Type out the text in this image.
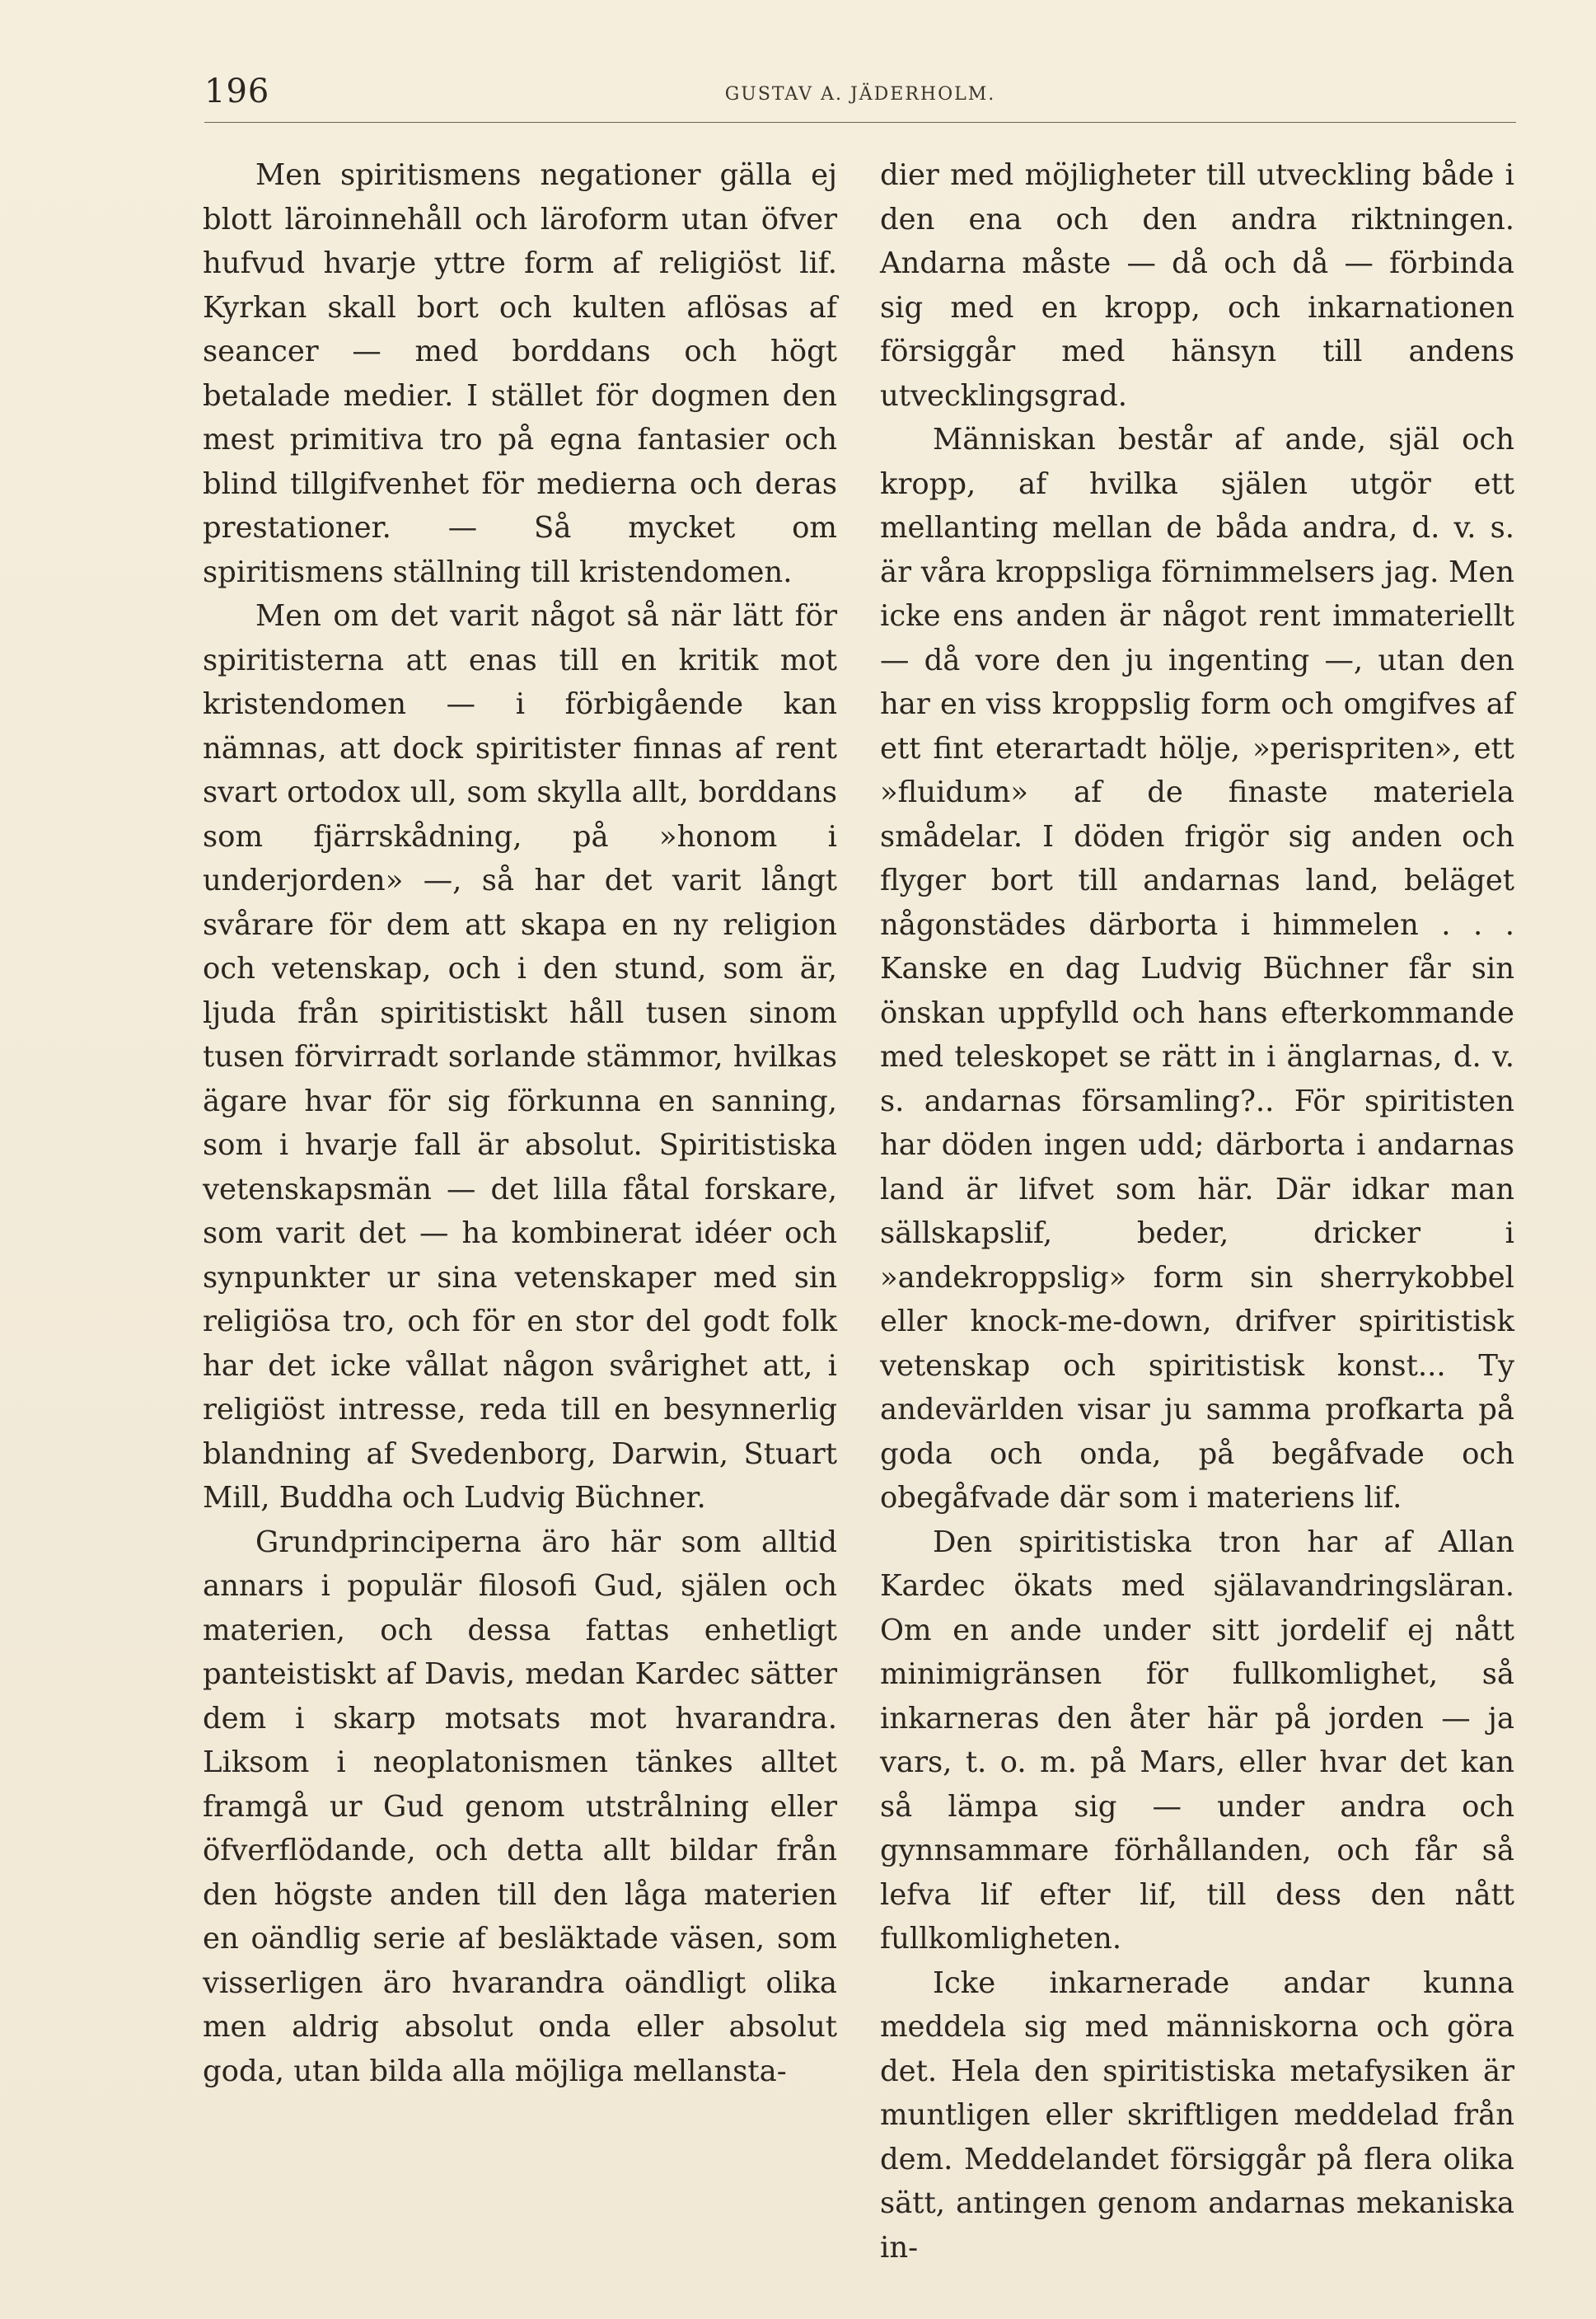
196	GUSTAV A. JÄDERHOLM.

Men spiritismens negationer gälla ej blott läroinnehåll och läroform utan öfver hufvud hvarje yttre form af religiöst lif. Kyrkan skall bort och kulten aflösas af seancer — med borddans och högt betalade medier. I stället för dogmen den mest primitiva tro på egna fantasier och blind tillgifvenhet för medierna och deras prestationer. — Så mycket om spiritismens ställning till kristendomen.

Men om det varit något så när lätt för spiritisterna att enas till en kritik mot kristendomen — i förbigående kan nämnas, att dock spiritister finnas af rent svart ortodox ull, som skylla allt, borddans som fjärrskådning, på »honom i underjorden» —, så har det varit långt svårare för dem att skapa en ny religion och vetenskap, och i den stund, som är, ljuda från spiritistiskt håll tusen sinom tusen förvirradt sorlande stämmor, hvilkas ägare hvar för sig förkunna en sanning, som i hvarje fall är absolut. Spiritistiska vetenskapsmän — det lilla fåtal forskare, som varit det — ha kombinerat idéer och synpunkter ur sina vetenskaper med sin religiösa tro, och för en stor del godt folk har det icke vållat någon svårighet att, i religiöst intresse, reda till en besynnerlig blandning af Svedenborg, Darwin, Stuart Mill, Buddha och Ludvig Büchner.

Grundprinciperna äro här som alltid annars i populär filosofi Gud, själen och materien, och dessa fattas enhetligt panteistiskt af Davis, medan Kardec sätter dem i skarp motsats mot hvarandra. Liksom i neoplatonismen tänkes alltet framgå ur Gud genom utstrålning eller öfverflödande, och detta allt bildar från den högste anden till den låga materien en oändlig serie af besläktade väsen, som visserligen äro hvarandra oändligt olika men aldrig absolut onda eller absolut goda, utan bilda alla möjliga mellansta-

dier med möjligheter till utveckling både i den ena och den andra riktningen. Andarna måste — då och då — förbinda sig med en kropp, och inkarnationen försiggår med hänsyn till andens utvecklingsgrad.

Människan består af ande, själ och kropp, af hvilka själen utgör ett mellanting mellan de båda andra, d. v. s. är våra kroppsliga förnimmelsers jag. Men icke ens anden är något rent immateriellt — då vore den ju ingenting —, utan den har en viss kroppslig form och omgifves af ett fint eterartadt hölje, »perispriten», ett »fluidum» af de finaste materiela smådelar. I döden frigör sig anden och flyger bort till andarnas land, beläget någonstädes därborta i himmelen . . . Kanske en dag Ludvig Büchner får sin önskan uppfylld och hans efterkommande med teleskopet se rätt in i änglarnas, d. v. s. andarnas församling?.. För spiritisten har döden ingen udd; därborta i andarnas land är lifvet som här. Där idkar man sällskapslif, beder, dricker i »andekroppslig» form sin sherrykobbel eller knock-me-down, drifver spiritistisk vetenskap och spiritistisk konst... Ty andevärlden visar ju samma profkarta på goda och onda, på begåfvade och obegåfvade där som i materiens lif.

Den spiritistiska tron har af Allan Kardec ökats med själavandringsläran. Om en ande under sitt jordelif ej nått minimigränsen för fullkomlighet, så inkarneras den åter här på jorden — ja vars, t. o. m. på Mars, eller hvar det kan så lämpa sig — under andra och gynnsammare förhållanden, och får så lefva lif efter lif, till dess den nått fullkomligheten.

Icke inkarnerade andar kunna meddela sig med människorna och göra det. Hela den spiritistiska metafysiken är muntligen eller skriftligen meddelad från dem. Meddelandet försiggår på flera olika sätt, antingen genom andarnas mekaniska in-
